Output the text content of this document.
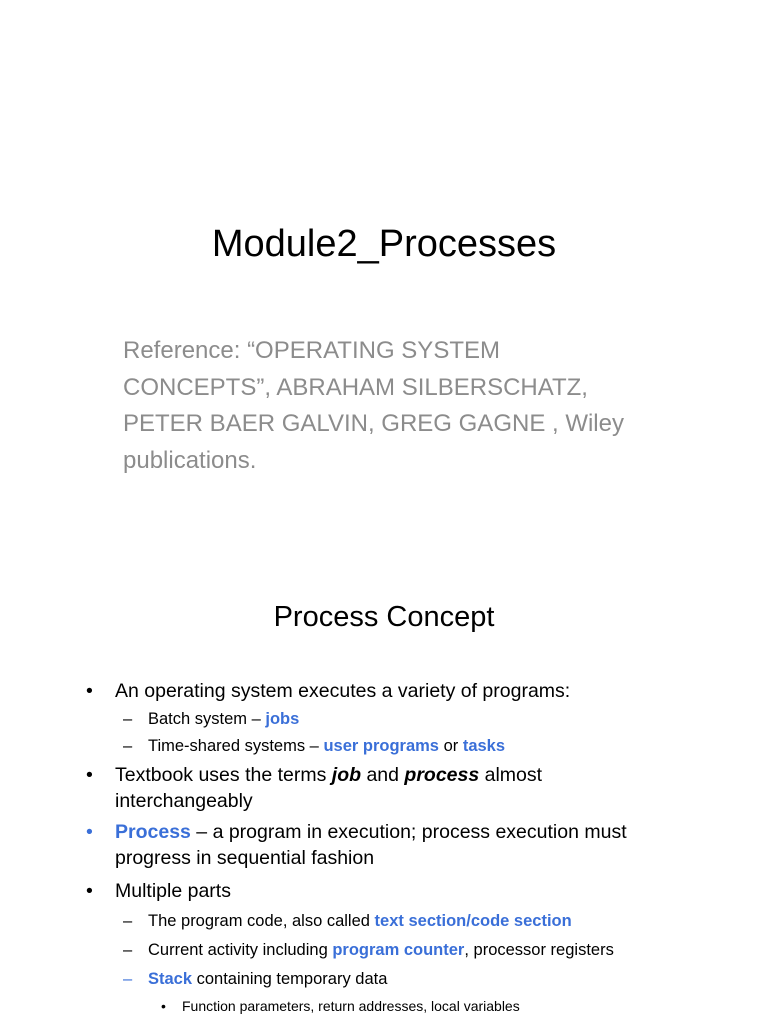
Module2_Processes
Reference: “OPERATING SYSTEM
CONCEPTS”, ABRAHAM SILBERSCHATZ,
PETER BAER GALVIN, GREG GAGNE , Wiley
publications.
Process Concept
• An operating system executes a variety of programs:
– Batch system – jobs
– Time-shared systems – user programs or tasks
• Textbook uses the terms job and process almost
interchangeably
• Process – a program in execution; process execution must
progress in sequential fashion
• Multiple parts
– The program code, also called text section/code section
– Current activity including program counter, processor registers
– Stack containing temporary data
• Function parameters, return addresses, local variables
